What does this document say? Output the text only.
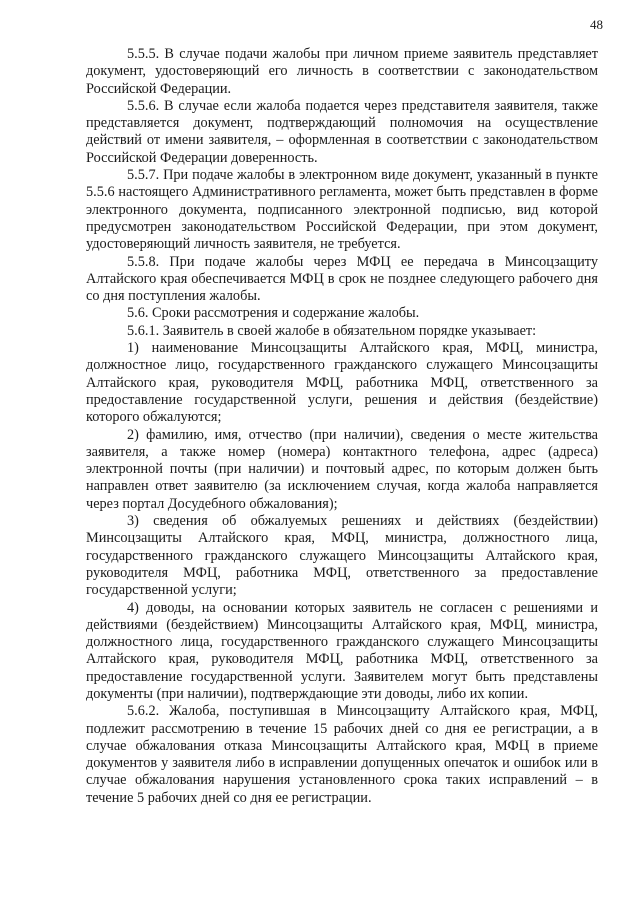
48

5.5.5. В случае подачи жалобы при личном приеме заявитель представляет документ, удостоверяющий его личность в соответствии с законодательством Российской Федерации.

5.5.6. В случае если жалоба подается через представителя заявителя, также представляется документ, подтверждающий полномочия на осуществление действий от имени заявителя, – оформленная в соответствии с законодательством Российской Федерации доверенность.

5.5.7. При подаче жалобы в электронном виде документ, указанный в пункте 5.5.6 настоящего Административного регламента, может быть представлен в форме электронного документа, подписанного электронной подписью, вид которой предусмотрен законодательством Российской Федерации, при этом документ, удостоверяющий личность заявителя, не требуется.

5.5.8. При подаче жалобы через МФЦ ее передача в Минсоцзащиту Алтайского края обеспечивается МФЦ в срок не позднее следующего рабочего дня со дня поступления жалобы.

5.6. Сроки рассмотрения и содержание жалобы.

5.6.1. Заявитель в своей жалобе в обязательном порядке указывает:

1) наименование Минсоцзащиты Алтайского края, МФЦ, министра, должностное лицо, государственного гражданского служащего Минсоцзащиты Алтайского края, руководителя МФЦ, работника МФЦ, ответственного за предоставление государственной услуги, решения и действия (бездействие) которого обжалуются;

2) фамилию, имя, отчество (при наличии), сведения о месте жительства заявителя, а также номер (номера) контактного телефона, адрес (адреса) электронной почты (при наличии) и почтовый адрес, по которым должен быть направлен ответ заявителю (за исключением случая, когда жалоба направляется через портал Досудебного обжалования);

3) сведения об обжалуемых решениях и действиях (бездействии) Минсоцзащиты Алтайского края, МФЦ, министра, должностного лица, государственного гражданского служащего Минсоцзащиты Алтайского края, руководителя МФЦ, работника МФЦ, ответственного за предоставление государственной услуги;

4) доводы, на основании которых заявитель не согласен с решениями и действиями (бездействием) Минсоцзащиты Алтайского края, МФЦ, министра, должностного лица, государственного гражданского служащего Минсоцзащиты Алтайского края, руководителя МФЦ, работника МФЦ, ответственного за предоставление государственной услуги. Заявителем могут быть представлены документы (при наличии), подтверждающие эти доводы, либо их копии.

5.6.2. Жалоба, поступившая в Минсоцзащиту Алтайского края, МФЦ, подлежит рассмотрению в течение 15 рабочих дней со дня ее регистрации, а в случае обжалования отказа Минсоцзащиты Алтайского края, МФЦ в приеме документов у заявителя либо в исправлении допущенных опечаток и ошибок или в случае обжалования нарушения установленного срока таких исправлений – в течение 5 рабочих дней со дня ее регистрации.
